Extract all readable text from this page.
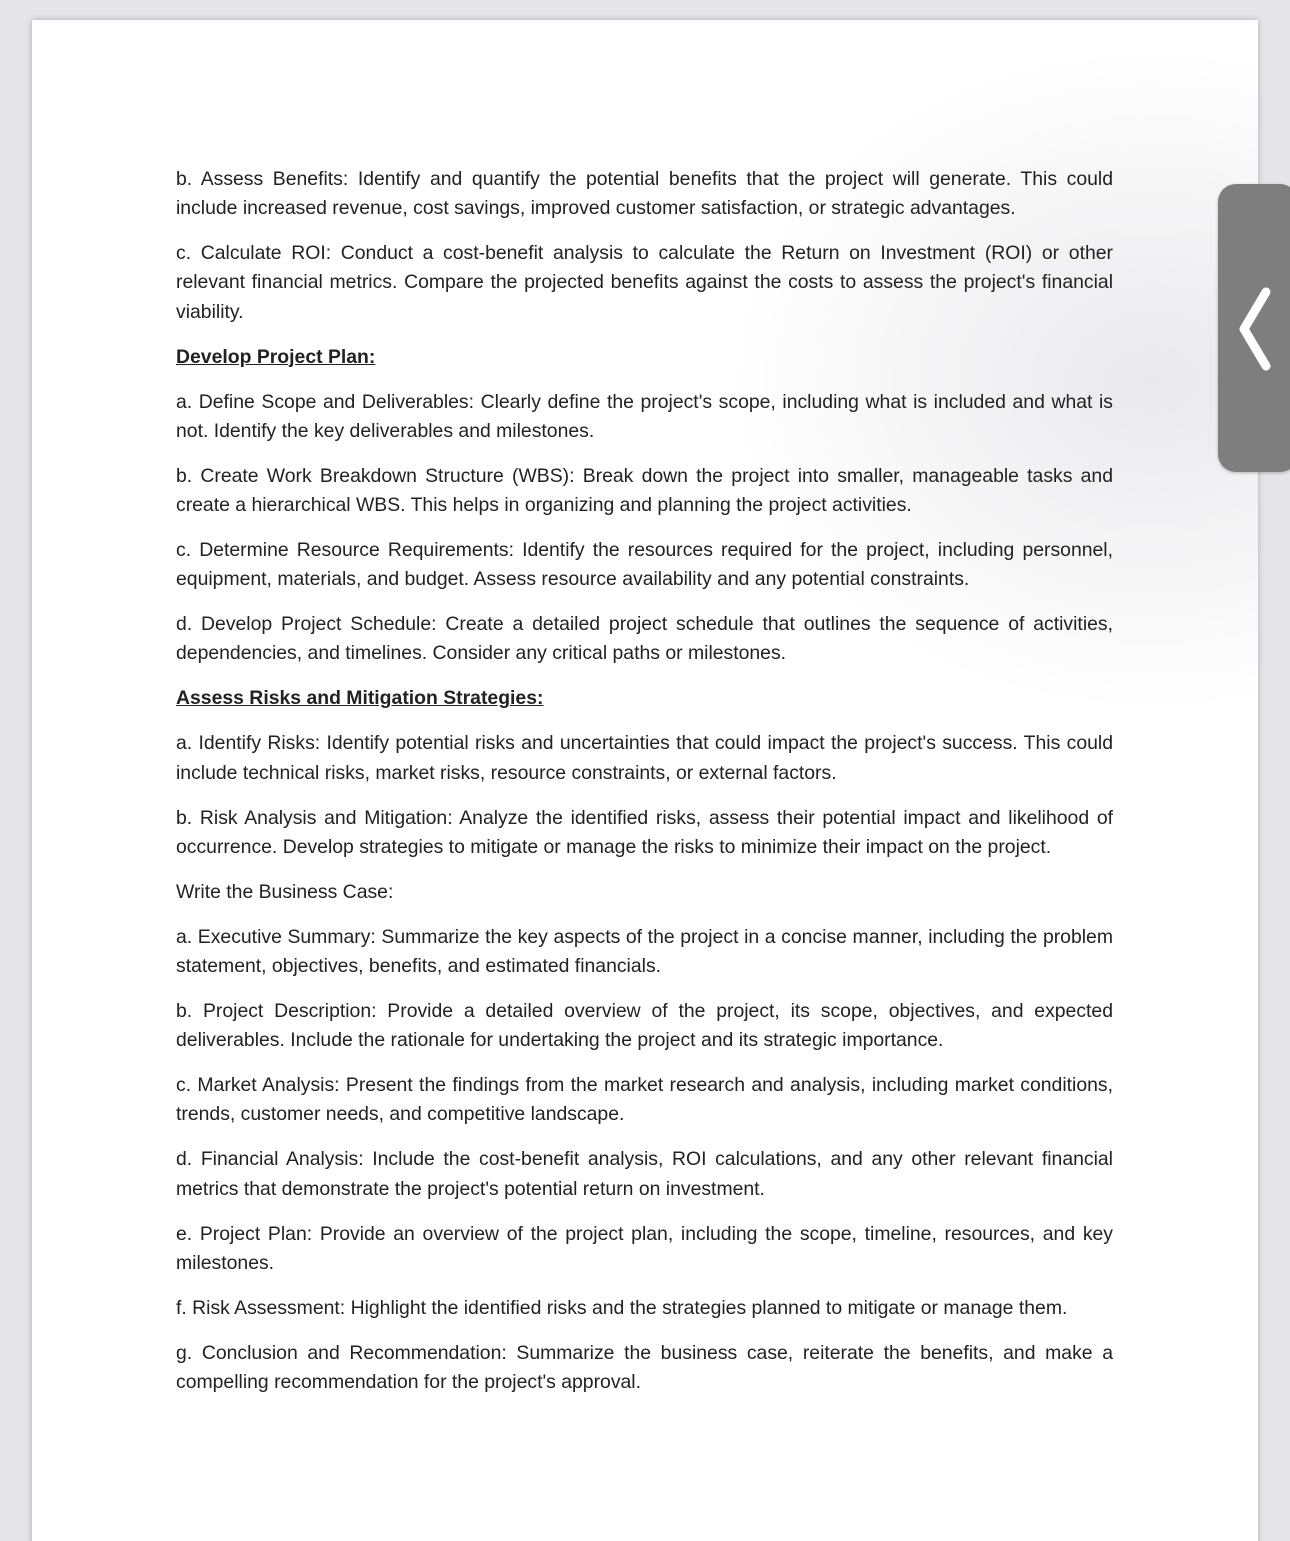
b. Assess Benefits: Identify and quantify the potential benefits that the project will generate. This could include increased revenue, cost savings, improved customer satisfaction, or strategic advantages.

c. Calculate ROI: Conduct a cost-benefit analysis to calculate the Return on Investment (ROI) or other relevant financial metrics. Compare the projected benefits against the costs to assess the project's financial viability.

Develop Project Plan:

a. Define Scope and Deliverables: Clearly define the project's scope, including what is included and what is not. Identify the key deliverables and milestones.

b. Create Work Breakdown Structure (WBS): Break down the project into smaller, manageable tasks and create a hierarchical WBS. This helps in organizing and planning the project activities.

c. Determine Resource Requirements: Identify the resources required for the project, including personnel, equipment, materials, and budget. Assess resource availability and any potential constraints.

d. Develop Project Schedule: Create a detailed project schedule that outlines the sequence of activities, dependencies, and timelines. Consider any critical paths or milestones.

Assess Risks and Mitigation Strategies:

a. Identify Risks: Identify potential risks and uncertainties that could impact the project's success. This could include technical risks, market risks, resource constraints, or external factors.

b. Risk Analysis and Mitigation: Analyze the identified risks, assess their potential impact and likelihood of occurrence. Develop strategies to mitigate or manage the risks to minimize their impact on the project.

Write the Business Case:

a. Executive Summary: Summarize the key aspects of the project in a concise manner, including the problem statement, objectives, benefits, and estimated financials.

b. Project Description: Provide a detailed overview of the project, its scope, objectives, and expected deliverables. Include the rationale for undertaking the project and its strategic importance.

c. Market Analysis: Present the findings from the market research and analysis, including market conditions, trends, customer needs, and competitive landscape.

d. Financial Analysis: Include the cost-benefit analysis, ROI calculations, and any other relevant financial metrics that demonstrate the project's potential return on investment.

e. Project Plan: Provide an overview of the project plan, including the scope, timeline, resources, and key milestones.

f. Risk Assessment: Highlight the identified risks and the strategies planned to mitigate or manage them.

g. Conclusion and Recommendation: Summarize the business case, reiterate the benefits, and make a compelling recommendation for the project's approval.
